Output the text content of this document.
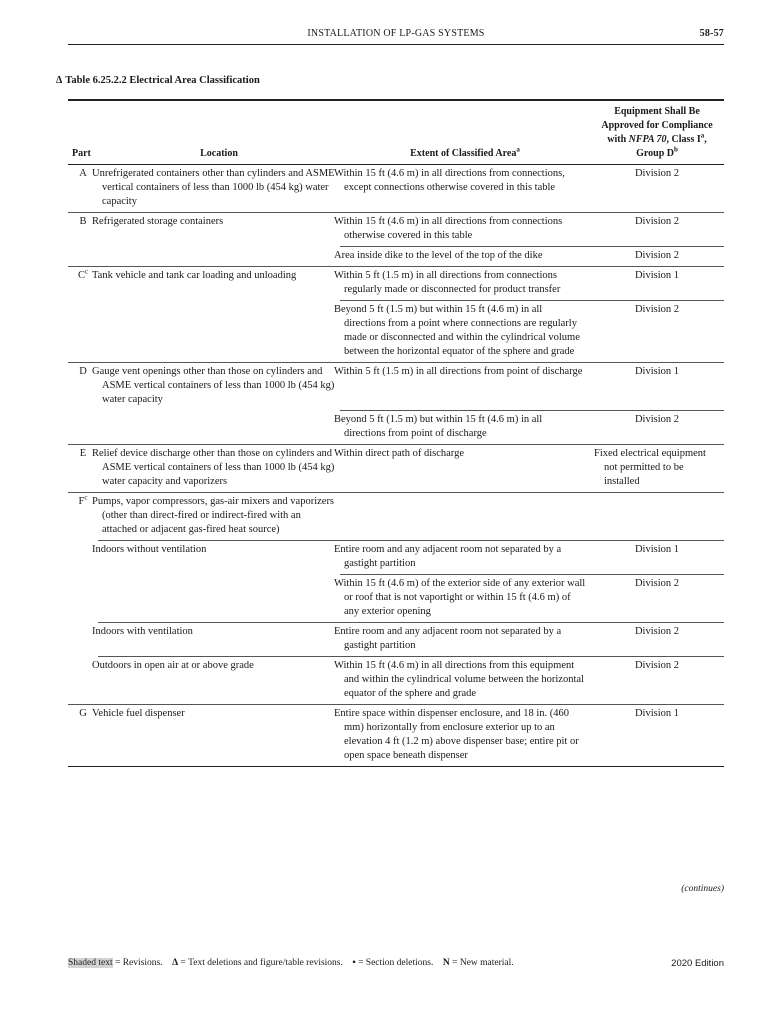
INSTALLATION OF LP-GAS SYSTEMS	58-57
Δ Table 6.25.2.2 Electrical Area Classification
Part	Location	Extent of Classified Area$^a$	Equipment Shall Be
Approved for Compliance
with NFPA 70, Class $I^a$,
Group $D^b$
A	Unrefrigerated containers other than cylinders and ASME vertical containers of less than 1000 lb (454 kg) water capacity	Within 15 ft (4.6 m) in all directions from connections, except connections otherwise covered in this table	Division 2
B	Refrigerated storage containers	Within 15 ft (4.6 m) in all directions from connections otherwise covered in this table	Division 2
		Area inside dike to the level of the top of the dike	Division 2
$C^c$	Tank vehicle and tank car loading and unloading	Within 5 ft (1.5 m) in all directions from connections regularly made or disconnected for product transfer	Division 1
		Beyond 5 ft (1.5 m) but within 15 ft (4.6 m) in all directions from a point where connections are regularly made or disconnected and within the cylindrical volume between the horizontal equator of the sphere and grade	Division 2
D	Gauge vent openings other than those on cylinders and ASME vertical containers of less than 1000 lb (454 kg) water capacity	Within 5 ft (1.5 m) in all directions from point of discharge	Division 1
		Beyond 5 ft (1.5 m) but within 15 ft (4.6 m) in all directions from point of discharge	Division 2
E	Relief device discharge other than those on cylinders and ASME vertical containers of less than 1000 lb (454 kg) water capacity and vaporizers	Within direct path of discharge	Fixed electrical equipment not permitted to be installed
$F^c$	Pumps, vapor compressors, gas-air mixers and vaporizers (other than direct-fired or indirect-fired with an attached or adjacent gas-fired heat source)		
	Indoors without ventilation	Entire room and any adjacent room not separated by a gastight partition	Division 1
		Within 15 ft (4.6 m) of the exterior side of any exterior wall or roof that is not vaportight or within 15 ft (4.6 m) of any exterior opening	Division 2
	Indoors with ventilation	Entire room and any adjacent room not separated by a gastight partition	Division 2
	Outdoors in open air at or above grade	Within 15 ft (4.6 m) in all directions from this equipment and within the cylindrical volume between the horizontal equator of the sphere and grade	Division 2
G	Vehicle fuel dispenser	Entire space within dispenser enclosure, and 18 in. (460 mm) horizontally from enclosure exterior up to an elevation 4 ft (1.2 m) above dispenser base; entire pit or open space beneath dispenser	Division 1
(continues)
Shaded text = Revisions. Δ = Text deletions and figure/table revisions. • = Section deletions. N = New material.	2020 Edition
